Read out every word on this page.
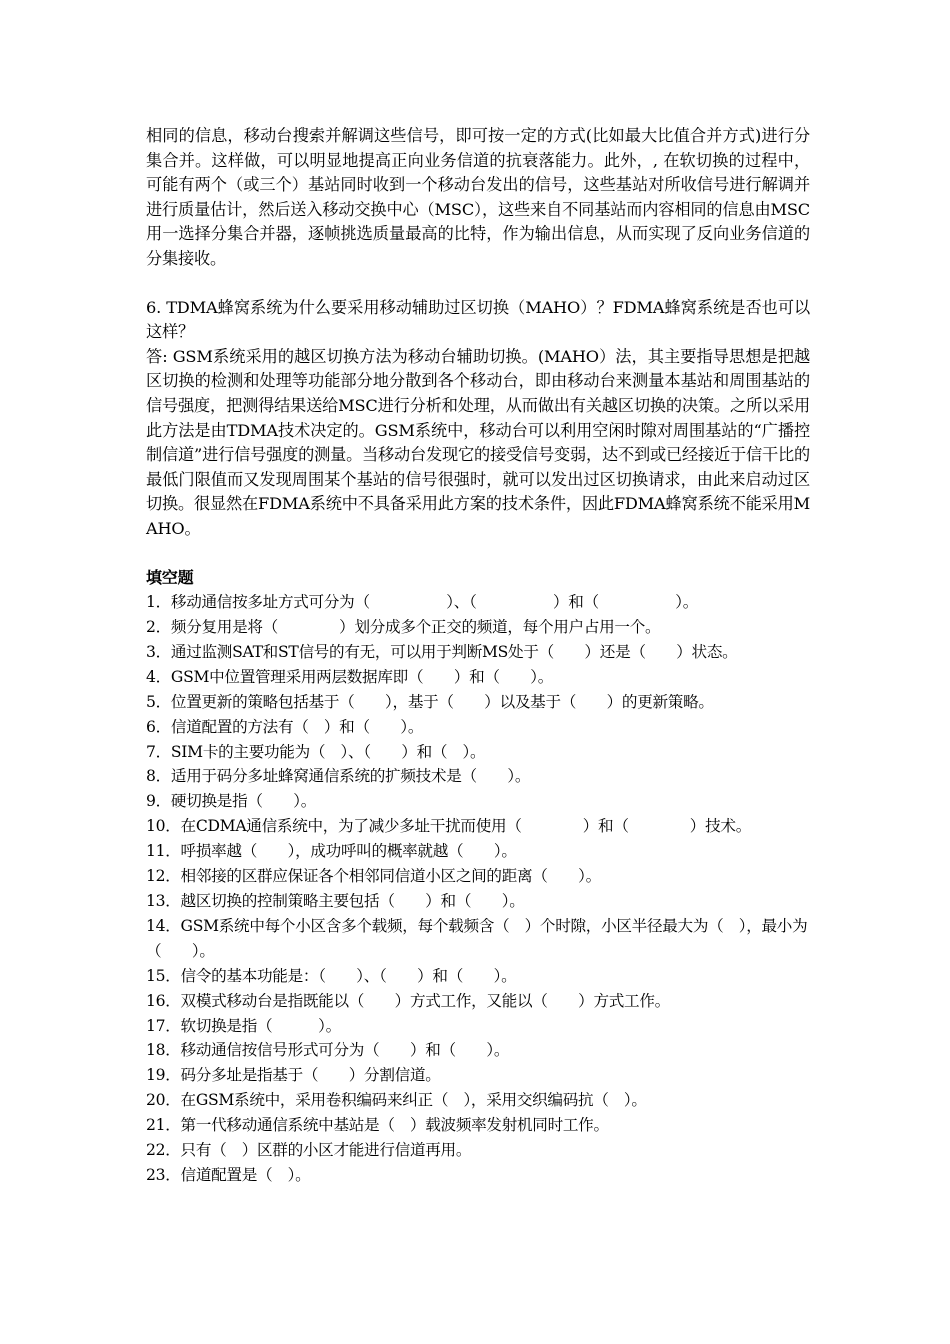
相同的信息，移动台搜索并解调这些信号，即可按一定的方式(比如最大比值合并方式)进行分集合并。这样做，可以明显地提高正向业务信道的抗衰落能力。此外，, 在软切换的过程中，可能有两个（或三个）基站同时收到一个移动台发出的信号，这些基站对所收信号进行解调并进行质量估计，然后送入移动交换中心（MSC），这些来自不同基站而内容相同的信息由MSC用一选择分集合并器，逐帧挑选质量最高的比特，作为输出信息，从而实现了反向业务信道的分集接收。

6. TDMA蜂窝系统为什么要采用移动辅助过区切换（MAHO）？FDMA蜂窝系统是否也可以这样？

答: GSM系统采用的越区切换方法为移动台辅助切换。(MAHO）法，其主要指导思想是把越区切换的检测和处理等功能部分地分散到各个移动台，即由移动台来测量本基站和周围基站的信号强度，把测得结果送给MSC进行分析和处理，从而做出有关越区切换的决策。之所以采用此方法是由TDMA技术决定的。GSM系统中，移动台可以利用空闲时隙对周围基站的“广播控制信道”进行信号强度的测量。当移动台发现它的接受信号变弱，达不到或已经接近于信干比的最低门限值而又发现周围某个基站的信号很强时，就可以发出过区切换请求，由此来启动过区切换。很显然在FDMA系统中不具备采用此方案的技术条件，因此FDMA蜂窝系统不能采用MAHO。

填空题

1．移动通信按多址方式可分为（　　　　　）、（　　　　　）和（　　　　　）。
2．频分复用是将（　　　　）划分成多个正交的频道，每个用户占用一个。
3．通过监测SAT和ST信号的有无，可以用于判断MS处于（　　）还是（　　）状态。
4．GSM中位置管理采用两层数据库即（　　）和（　　）。
5．位置更新的策略包括基于（　　），基于（　　）以及基于（　　）的更新策略。
6．信道配置的方法有（　）和（　　）。
7．SIM卡的主要功能为（　）、（　　）和（　）。
8．适用于码分多址蜂窝通信系统的扩频技术是（　　）。
9．硬切换是指（　　）。
10．在CDMA通信系统中，为了减少多址干扰而使用（　　　　）和（　　　　）技术。
11．呼损率越（　　），成功呼叫的概率就越（　　）。
12．相邻接的区群应保证各个相邻同信道小区之间的距离（　　）。
13．越区切换的控制策略主要包括（　　）和（　　）。
14．GSM系统中每个小区含多个载频，每个载频含（　）个时隙，小区半径最大为（　），最小为（　　）。
15．信令的基本功能是：（　　）、（　　）和（　　）。
16．双模式移动台是指既能以（　　）方式工作，又能以（　　）方式工作。
17．软切换是指（　　　）。
18．移动通信按信号形式可分为（　　）和（　　）。
19．码分多址是指基于（　　）分割信道。
20．在GSM系统中，采用卷积编码来纠正（　），采用交织编码抗（　）。
21．第一代移动通信系统中基站是（　）载波频率发射机同时工作。
22．只有（　）区群的小区才能进行信道再用。
23．信道配置是（　）。
